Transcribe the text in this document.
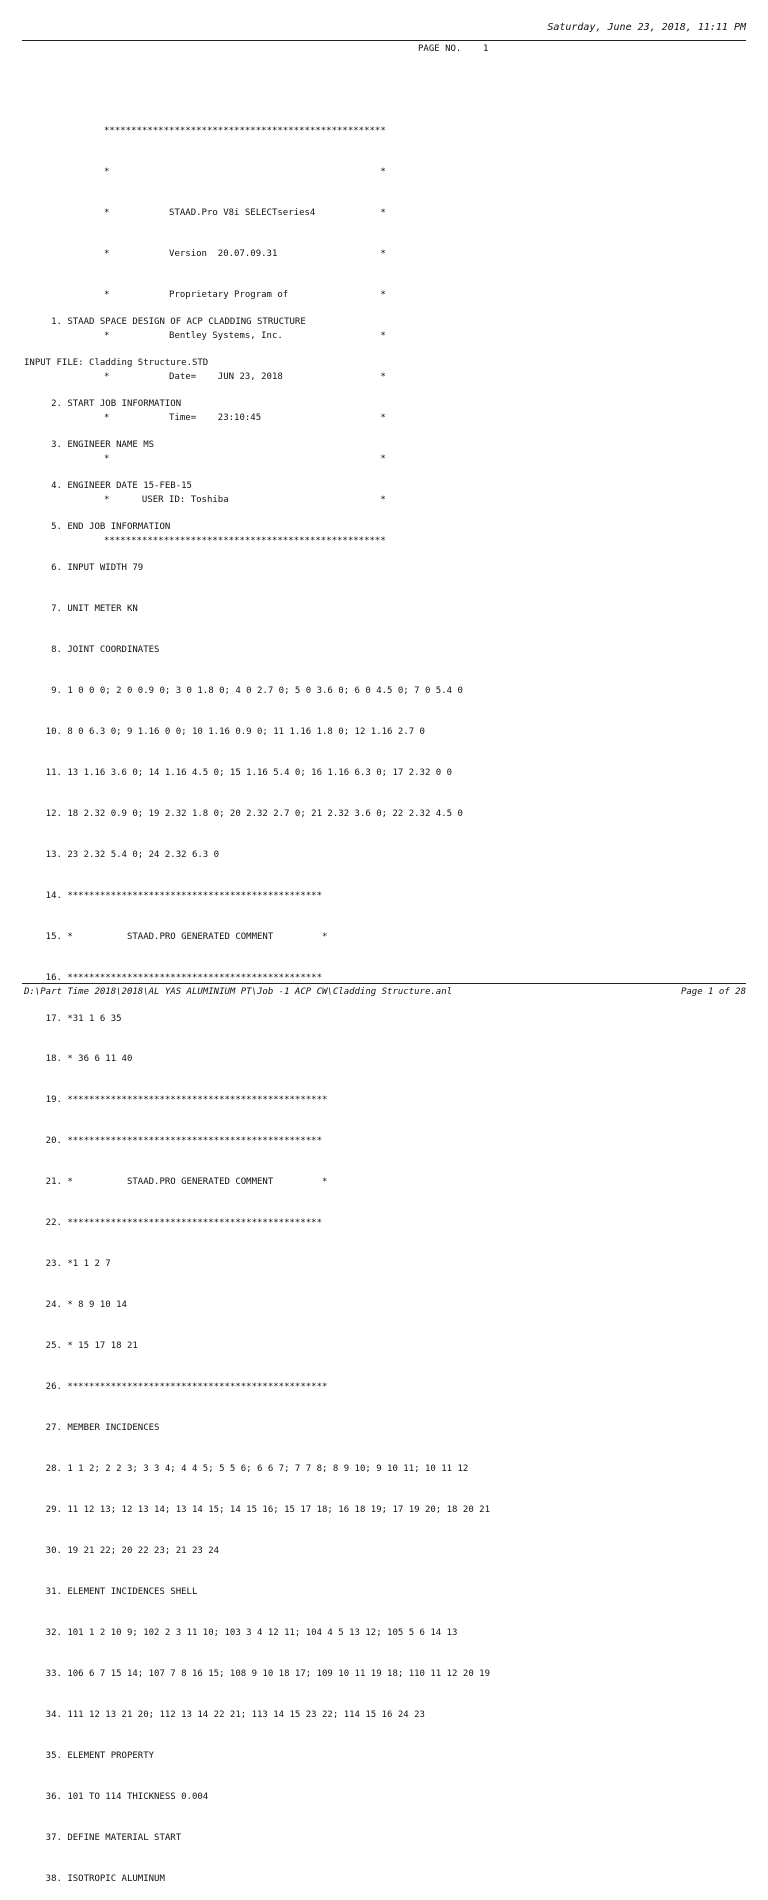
Saturday, June 23, 2018, 11:11 PM
PAGE NO.    1

****************************************************

*                                                  *

*           STAAD.Pro V8i SELECTseries4            *

*           Version  20.07.09.31                   *

*           Proprietary Program of                 *

*           Bentley Systems, Inc.                  *

*           Date=    JUN 23, 2018                  *

*           Time=    23:10:45                      *

*                                                  *

*      USER ID: Toshiba                            *

****************************************************

1. STAAD SPACE DESIGN OF ACP CLADDING STRUCTURE

INPUT FILE: Cladding Structure.STD

2. START JOB INFORMATION

3. ENGINEER NAME MS

4. ENGINEER DATE 15-FEB-15

5. END JOB INFORMATION

6. INPUT WIDTH 79

7. UNIT METER KN

8. JOINT COORDINATES

9. 1 0 0 0; 2 0 0.9 0; 3 0 1.8 0; 4 0 2.7 0; 5 0 3.6 0; 6 0 4.5 0; 7 0 5.4 0

10. 8 0 6.3 0; 9 1.16 0 0; 10 1.16 0.9 0; 11 1.16 1.8 0; 12 1.16 2.7 0

11. 13 1.16 3.6 0; 14 1.16 4.5 0; 15 1.16 5.4 0; 16 1.16 6.3 0; 17 2.32 0 0

12. 18 2.32 0.9 0; 19 2.32 1.8 0; 20 2.32 2.7 0; 21 2.32 3.6 0; 22 2.32 4.5 0

13. 23 2.32 5.4 0; 24 2.32 6.3 0

14. ***********************************************

15. *          STAAD.PRO GENERATED COMMENT         *

16. ***********************************************

17. *31 1 6 35

18. * 36 6 11 40

19. ************************************************

20. ***********************************************

21. *          STAAD.PRO GENERATED COMMENT         *

22. ***********************************************

23. *1 1 2 7

24. * 8 9 10 14

25. * 15 17 18 21

26. ************************************************

27. MEMBER INCIDENCES

28. 1 1 2; 2 2 3; 3 3 4; 4 4 5; 5 5 6; 6 6 7; 7 7 8; 8 9 10; 9 10 11; 10 11 12

29. 11 12 13; 12 13 14; 13 14 15; 14 15 16; 15 17 18; 16 18 19; 17 19 20; 18 20 21

30. 19 21 22; 20 22 23; 21 23 24

31. ELEMENT INCIDENCES SHELL

32. 101 1 2 10 9; 102 2 3 11 10; 103 3 4 12 11; 104 4 5 13 12; 105 5 6 14 13

33. 106 6 7 15 14; 107 7 8 16 15; 108 9 10 18 17; 109 10 11 19 18; 110 11 12 20 19

34. 111 12 13 21 20; 112 13 14 22 21; 113 14 15 23 22; 114 15 16 24 23

35. ELEMENT PROPERTY

36. 101 TO 114 THICKNESS 0.004

37. DEFINE MATERIAL START

38. ISOTROPIC ALUMINUM

D:\Part Time 2018\2018\AL YAS ALUMINIUM PT\Job -1 ACP CW\Cladding Structure.anl	Page 1 of 28
